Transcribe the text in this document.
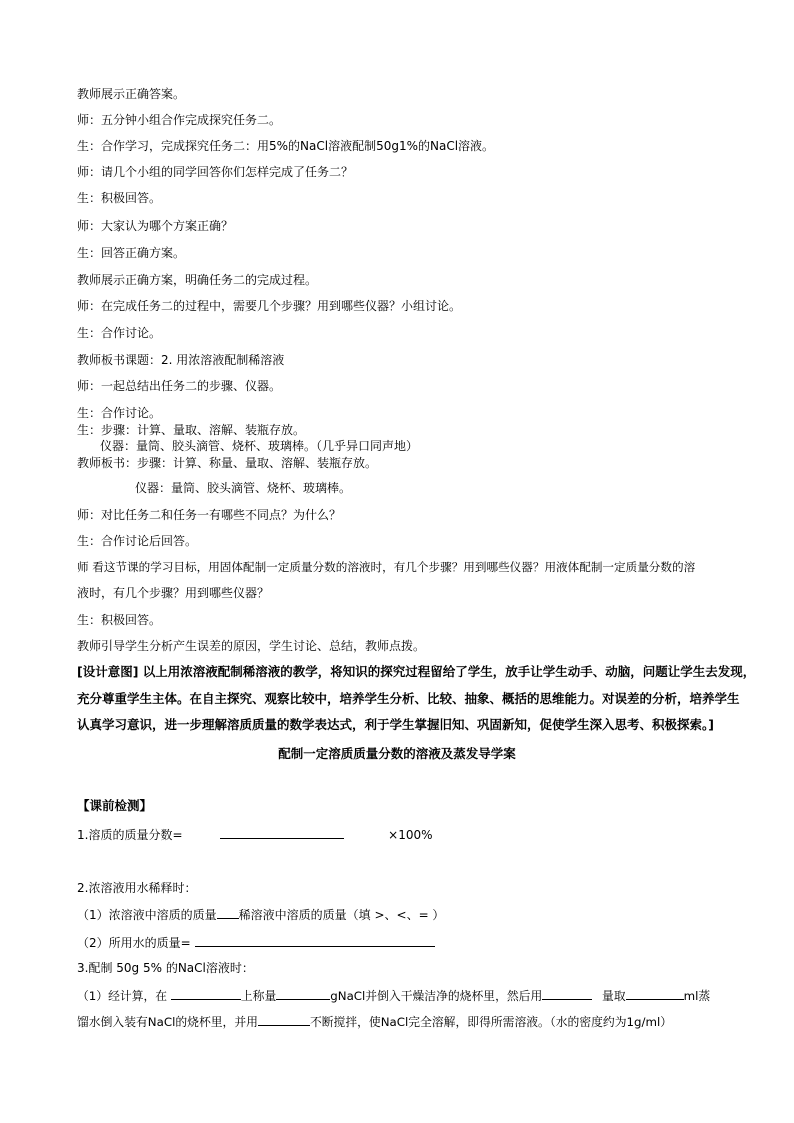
教师展示正确答案。
师：五分钟小组合作完成探究任务二。
生：合作学习，完成探究任务二：用5%的NaCl溶液配制50g1%的NaCl溶液。
师：请几个小组的同学回答你们怎样完成了任务二？
生：积极回答。
师：大家认为哪个方案正确？
生：回答正确方案。
教师展示正确方案，明确任务二的完成过程。
师：在完成任务二的过程中，需要几个步骤？用到哪些仪器？小组讨论。
生：合作讨论。
教师板书课题：2. 用浓溶液配制稀溶液
师：一起总结出任务二的步骤、仪器。
生：合作讨论。
生：步骤：计算、量取、溶解、装瓶存放。
仪器：量筒、胶头滴管、烧杯、玻璃棒。（几乎异口同声地）
教师板书：步骤：计算、称量、量取、溶解、装瓶存放。
仪器：量筒、胶头滴管、烧杯、玻璃棒。
师：对比任务二和任务一有哪些不同点？为什么？
生：合作讨论后回答。
师 看这节课的学习目标，用固体配制一定质量分数的溶液时，有几个步骤？用到哪些仪器？用液体配制一定质量分数的溶
液时，有几个步骤？用到哪些仪器？
生：积极回答。
教师引导学生分析产生误差的原因，学生讨论、总结，教师点拨。
[设计意图] 以上用浓溶液配制稀溶液的教学，将知识的探究过程留给了学生，放手让学生动手、动脑，问题让学生去发现，
充分尊重学生主体。在自主探究、观察比较中，培养学生分析、比较、抽象、概括的思维能力。对误差的分析，培养学生
认真学习意识，进一步理解溶质质量的数学表达式，利于学生掌握旧知、巩固新知，促使学生深入思考、积极探索。]
配制一定溶质质量分数的溶液及蒸发导学案
【课前检测】
1.溶质的质量分数=	×100%
2.浓溶液用水稀释时：
（1）浓溶液中溶质的质量 稀溶液中溶质的质量（填 >、<、= ）
（2）所用水的质量=
3.配制 50g 5% 的NaCl溶液时：
（1）经计算，在	上称量	gNaCl并倒入干燥洁净的烧杯里，然后用	量取	ml蒸
馏水倒入装有NaCl的烧杯里，并用	不断搅拌，使NaCl完全溶解，即得所需溶液。（水的密度约为1g/ml）
